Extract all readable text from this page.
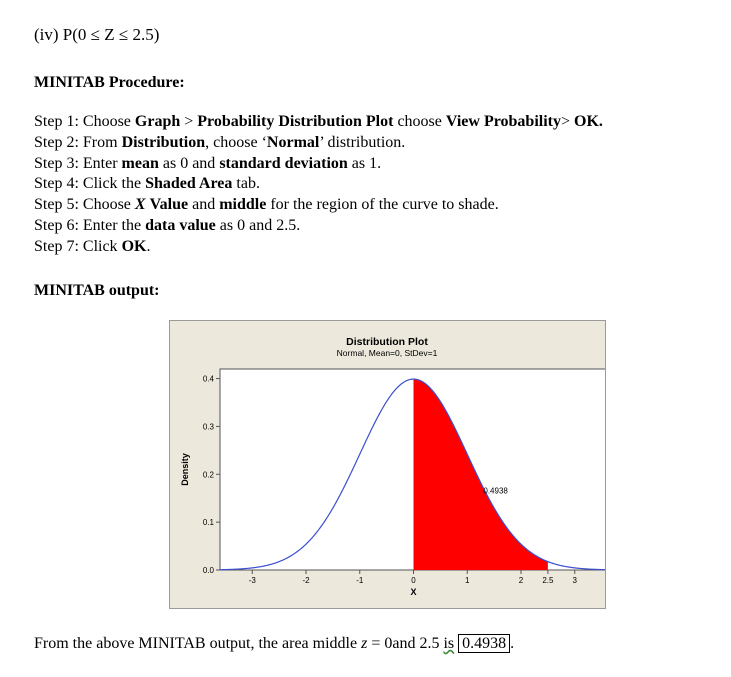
(iv) P(0 ≤ Z ≤ 2.5)
MINITAB Procedure:
Step 1: Choose Graph > Probability Distribution Plot choose View Probability> OK.
Step 2: From Distribution, choose ‘Normal’ distribution.
Step 3: Enter mean as 0 and standard deviation as 1.
Step 4: Click the Shaded Area tab.
Step 5: Choose X Value and middle for the region of the curve to shade.
Step 6: Enter the data value as 0 and 2.5.
Step 7: Click OK.
MINITAB output:
Distribution Plot
Normal, Mean=0, StDev=1
-3	-2	-1	0	1	2 2.5 3
0.0
0.1
0.2
0.3
0.4
0.4938
X
Density
From the above MINITAB output, the area middle z = 0and 2.5 is 0.4938 .
